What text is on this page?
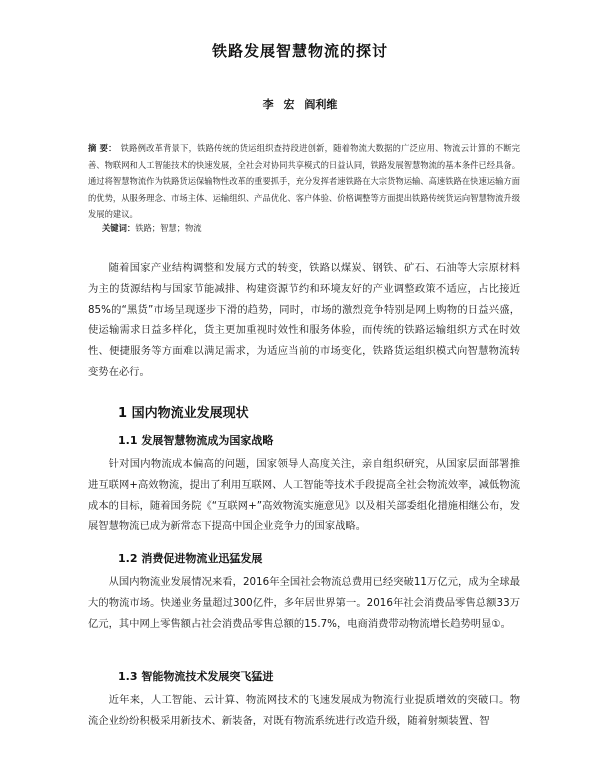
铁路发展智慧物流的探讨
李 宏 阎利维
摘 要： 铁路例改革背景下，铁路传统的货运组织查持段进创新，随着物流大数据的广泛应用、物流云计算的不断完善、物联网和人工智能技术的快速发展，全社会对协同共享模式的日益认同，铁路发展智慧物流的基本条件已经具备。通过将智慧物流作为铁路货运保输物性改革的重要抓手，充分发挥者速铁路在大宗货物运输、高速铁路在快速运输方面的优势，从服务理念、市场主体、运输组织、产品优化、客户体验、价格调整等方面提出铁路传统货运向智慧物流升级发展的建议。
关键词：铁路；智慧；物流
随着国家产业结构调整和发展方式的转变，铁路以煤炭、钢铁、矿石、石油等大宗原材料为主的货源结构与国家节能减排、构建资源节约和环境友好的产业调整政策不适应，占比接近85%的“黑货”市场呈现逐步下滑的趋势，同时，市场的激烈竞争特别是网上购物的日益兴盛，使运输需求日益多样化，货主更加重视时效性和服务体验，而传统的铁路运输组织方式在时效性、便捷服务等方面难以满足需求，为适应当前的市场变化，铁路货运组织模式向智慧物流转变势在必行。
1 国内物流业发展现状
1.1 发展智慧物流成为国家战略
针对国内物流成本偏高的问题，国家领导人高度关注，亲自组织研究，从国家层面部署推进互联网+高效物流，提出了利用互联网、人工智能等技术手段提高全社会物流效率，减低物流成本的目标，随着国务院《“互联网+”高效物流实施意见》以及相关部委组化措施相继公布，发展智慧物流已成为新常态下提高中国企业竞争力的国家战略。
1.2 消费促进物流业迅猛发展
从国内物流业发展情况来看，2016年全国社会物流总费用已经突破11万亿元，成为全球最大的物流市场。快递业务量超过300亿件，多年居世界第一。2016年社会消费品零售总额33万亿元，其中网上零售额占社会消费品零售总额的15.7%，电商消费带动物流增长趋势明显①。
1.3 智能物流技术发展突飞猛进
近年来，人工智能、云计算、物流网技术的飞速发展成为物流行业提质增效的突破口。物流企业纷纷积极采用新技术、新装备，对既有物流系统进行改造升级，随着射频装置、智
